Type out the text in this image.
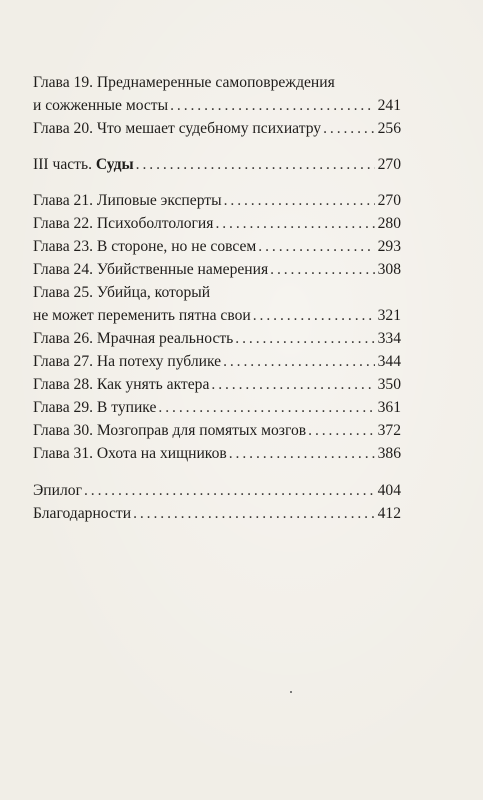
Глава 19. Преднамеренные самоповреждения
и сожженные мосты . . .	241
Глава 20. Что мешает судебному психиатру . . .	256
III часть. Суды . . .	270
Глава 21. Липовые эксперты . . .	270
Глава 22. Психоболтология . . .	280
Глава 23. В стороне, но не совсем . . .	293
Глава 24. Убийственные намерения . . .	308
Глава 25. Убийца, который
не может переменить пятна свои . . .	321
Глава 26. Мрачная реальность . . .	334
Глава 27. На потеху публике . . .	344
Глава 28. Как унять актера . . .	350
Глава 29. В тупике . . .	361
Глава 30. Мозгоправ для помятых мозгов . . .	372
Глава 31. Охота на хищников . . .	386
Эпилог . . .	404
Благодарности . . .	412
